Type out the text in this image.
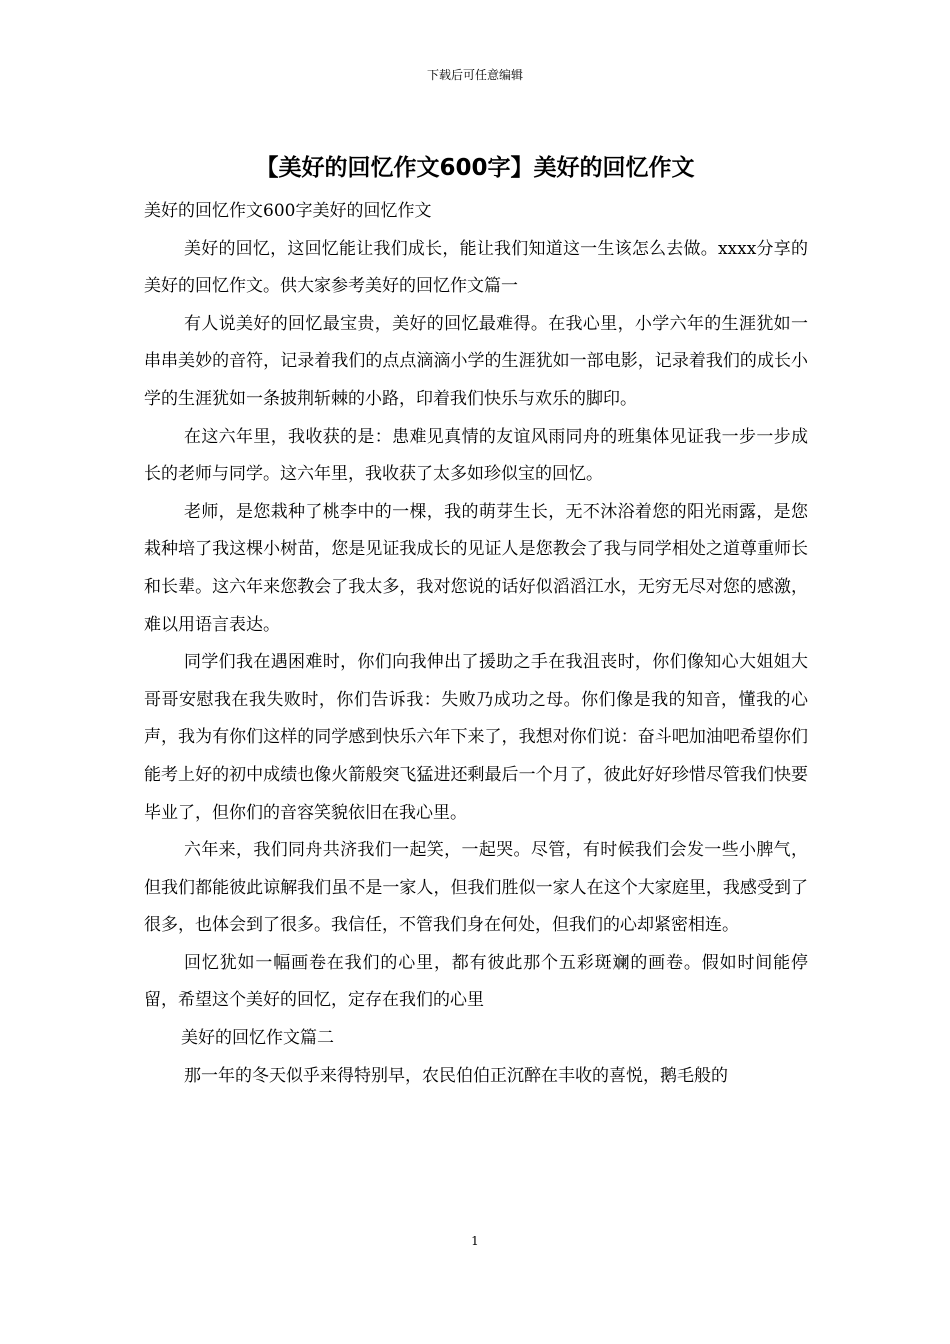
下载后可任意编辑
【美好的回忆作文600字】美好的回忆作文

美好的回忆作文600字美好的回忆作文

美好的回忆，这回忆能让我们成长，能让我们知道这一生该怎么去做。xxxx分享的美好的回忆作文。供大家参考美好的回忆作文篇一

有人说美好的回忆最宝贵，美好的回忆最难得。在我心里，小学六年的生涯犹如一串串美妙的音符，记录着我们的点点滴滴小学的生涯犹如一部电影，记录着我们的成长小学的生涯犹如一条披荆斩棘的小路，印着我们快乐与欢乐的脚印。

在这六年里，我收获的是：患难见真情的友谊风雨同舟的班集体见证我一步一步成长的老师与同学。这六年里，我收获了太多如珍似宝的回忆。

老师，是您栽种了桃李中的一棵，我的萌芽生长，无不沐浴着您的阳光雨露，是您栽种培了我这棵小树苗，您是见证我成长的见证人是您教会了我与同学相处之道尊重师长和长辈。这六年来您教会了我太多，我对您说的话好似滔滔江水，无穷无尽对您的感激，难以用语言表达。

同学们我在遇困难时，你们向我伸出了援助之手在我沮丧时，你们像知心大姐姐大哥哥安慰我在我失败时，你们告诉我：失败乃成功之母。你们像是我的知音，懂我的心声，我为有你们这样的同学感到快乐六年下来了，我想对你们说：奋斗吧加油吧希望你们能考上好的初中成绩也像火箭般突飞猛进还剩最后一个月了，彼此好好珍惜尽管我们快要毕业了，但你们的音容笑貌依旧在我心里。

六年来，我们同舟共济我们一起笑，一起哭。尽管，有时候我们会发一些小脾气，但我们都能彼此谅解我们虽不是一家人，但我们胜似一家人在这个大家庭里，我感受到了很多，也体会到了很多。我信任，不管我们身在何处，但我们的心却紧密相连。

回忆犹如一幅画卷在我们的心里，都有彼此那个五彩斑斓的画卷。假如时间能停留，希望这个美好的回忆，定存在我们的心里

美好的回忆作文篇二

那一年的冬天似乎来得特别早，农民伯伯正沉醉在丰收的喜悦，鹅毛般的

1
